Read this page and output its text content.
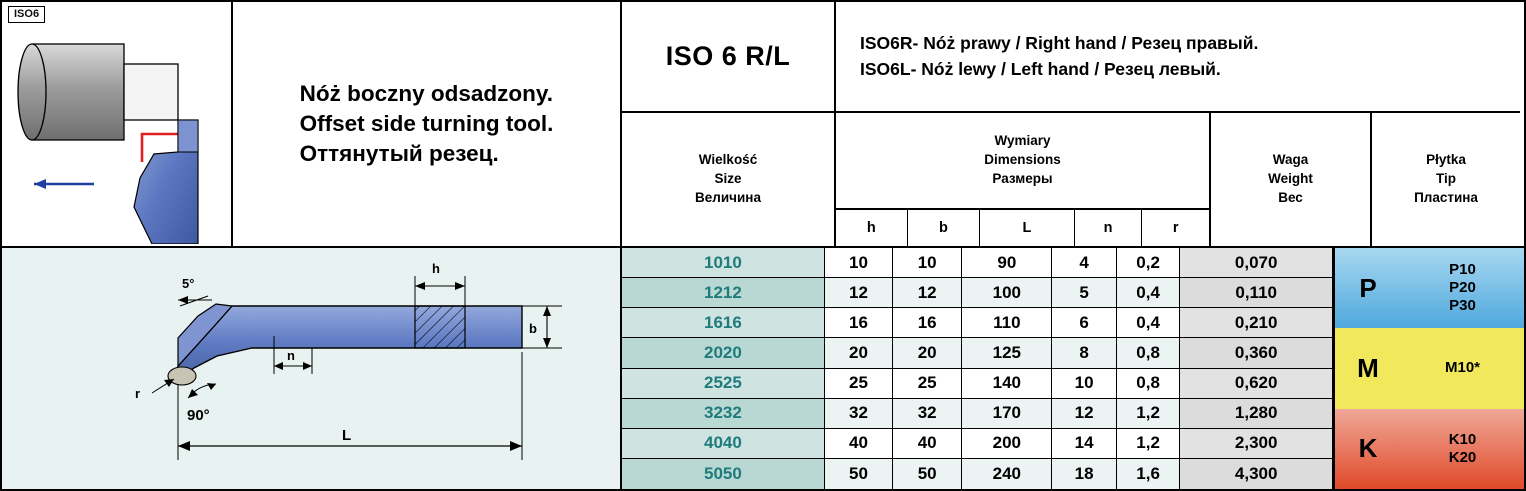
ISO6
Nóż boczny odsadzony.
Offset side turning tool.
Оттянутый резец.
ISO 6 R/L	ISO6R- Nóż prawy / Right hand / Резец правый.
ISO6L- Nóż lewy / Left hand / Резец левый.
Wielkość
Size
Величина
Wymiary
Dimensions
Размеры
h	b	L	n	r
Waga
Weight
Вес
Płytka
Tip
Пластина
5°
h
b
n
r
90°
L
1010	10	10	90	4	0,2	0,070
1212	12	12	100	5	0,4	0,110
1616	16	16	110	6	0,4	0,210
2020	20	20	125	8	0,8	0,360
2525	25	25	140	10	0,8	0,620
3232	32	32	170	12	1,2	1,280
4040	40	40	200	14	1,2	2,300
5050	50	50	240	18	1,6	4,300
P
P10
P20
P30
M	M10*
K	K10
K20
